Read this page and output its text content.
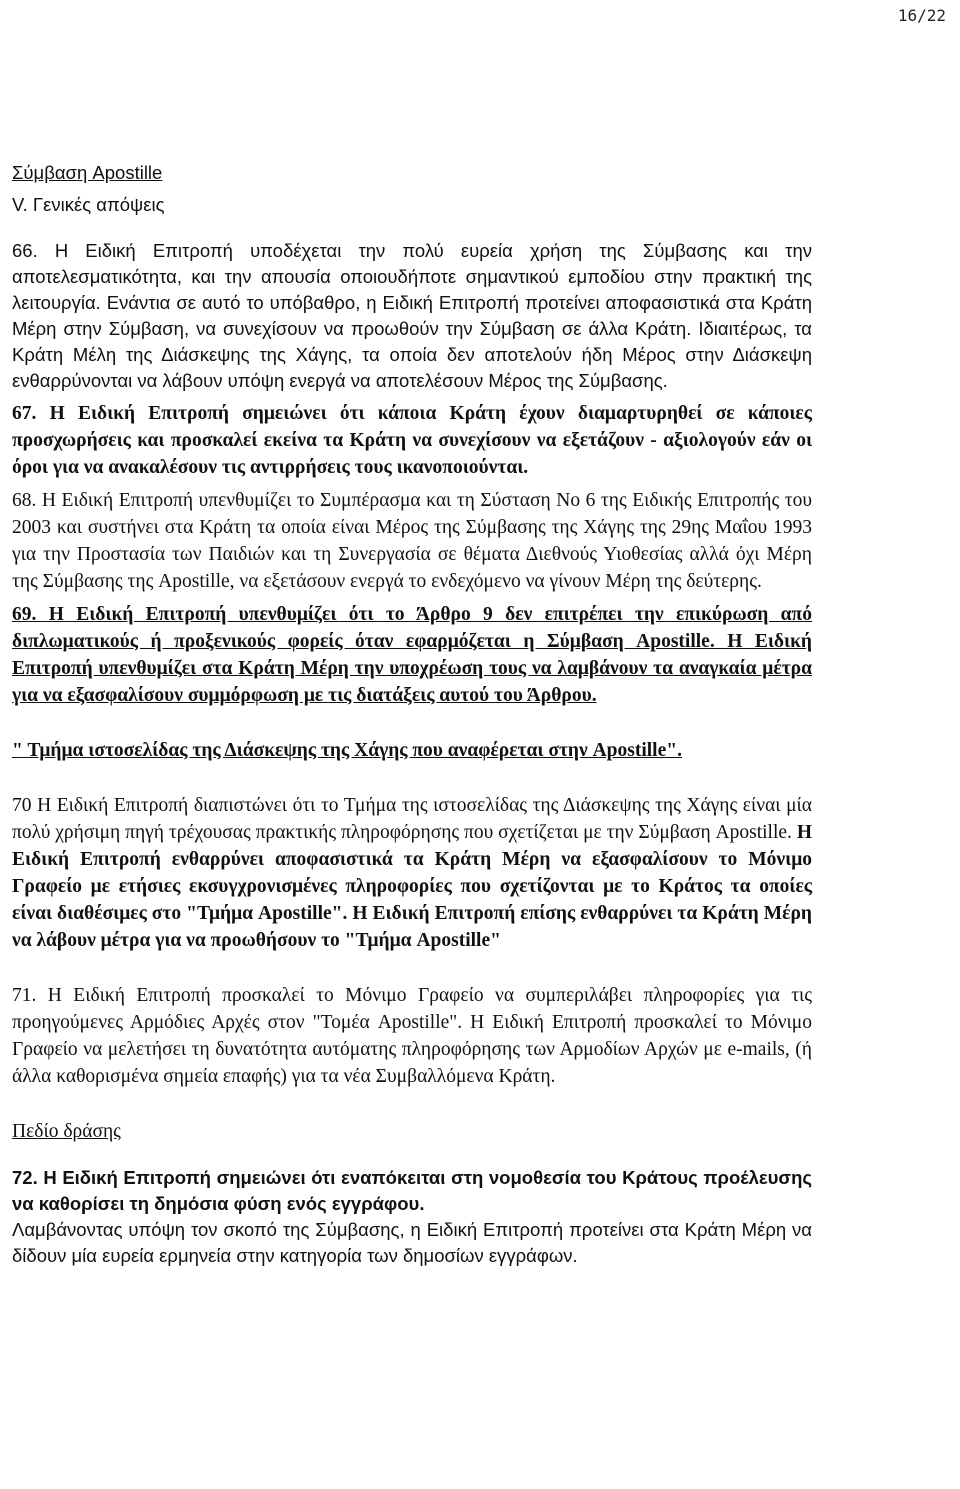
16/22

Σύμβαση Apostille

V. Γενικές απόψεις

66. Η Ειδική Επιτροπή υποδέχεται την πολύ ευρεία χρήση της Σύμβασης και την αποτελεσματικότητα, και την απουσία οποιουδήποτε σημαντικού εμποδίου στην πρακτική της λειτουργία. Ενάντια σε αυτό το υπόβαθρο, η Ειδική Επιτροπή προτείνει αποφασιστικά στα Κράτη Μέρη στην Σύμβαση, να συνεχίσουν να προωθούν την Σύμβαση σε άλλα Κράτη. Ιδιαιτέρως, τα Κράτη Μέλη της Διάσκεψης της Χάγης, τα οποία δεν αποτελούν ήδη Μέρος στην Διάσκεψη ενθαρρύνονται να λάβουν υπόψη ενεργά να αποτελέσουν Μέρος της Σύμβασης.

67. Η Ειδική Επιτροπή σημειώνει ότι κάποια Κράτη έχουν διαμαρτυρηθεί σε κάποιες προσχωρήσεις και προσκαλεί εκείνα τα Κράτη να συνεχίσουν να εξετάζουν - αξιολογούν εάν οι όροι για να ανακαλέσουν τις αντιρρήσεις τους ικανοποιούνται.

68. Η Ειδική Επιτροπή υπενθυμίζει το Συμπέρασμα και τη Σύσταση Νο 6 της Ειδικής Επιτροπής του 2003 και συστήνει στα Κράτη τα οποία είναι Μέρος της Σύμβασης της Χάγης της 29ης Μαΐου 1993 για την Προστασία των Παιδιών και τη Συνεργασία σε θέματα Διεθνούς Υιοθεσίας αλλά όχι Μέρη της Σύμβασης της Apostille, να εξετάσουν ενεργά το ενδεχόμενο να γίνουν Μέρη της δεύτερης.

69. Η Ειδική Επιτροπή υπενθυμίζει ότι το Άρθρο 9 δεν επιτρέπει την επικύρωση από διπλωματικούς ή προξενικούς φορείς όταν εφαρμόζεται η Σύμβαση Apostille. Η Ειδική Επιτροπή υπενθυμίζει στα Κράτη Μέρη την υποχρέωση τους να λαμβάνουν τα αναγκαία μέτρα για να εξασφαλίσουν συμμόρφωση με τις διατάξεις αυτού του Άρθρου.

" Τμήμα ιστοσελίδας της Διάσκεψης της Χάγης που αναφέρεται στην Apostille".

70 Η Ειδική Επιτροπή διαπιστώνει ότι το Τμήμα της ιστοσελίδας της Διάσκεψης της Χάγης είναι μία πολύ χρήσιμη πηγή τρέχουσας πρακτικής πληροφόρησης που σχετίζεται με την Σύμβαση Apostille. Η Ειδική Επιτροπή ενθαρρύνει αποφασιστικά τα Κράτη Μέρη να εξασφαλίσουν το Μόνιμο Γραφείο με ετήσιες εκσυγχρονισμένες πληροφορίες που σχετίζονται με το Κράτος τα οποίες είναι διαθέσιμες στο "Τμήμα Apostille". Η Ειδική Επιτροπή επίσης ενθαρρύνει τα Κράτη Μέρη να λάβουν μέτρα για να προωθήσουν το "Τμήμα Apostille"

71. Η Ειδική Επιτροπή προσκαλεί το Μόνιμο Γραφείο να συμπεριλάβει πληροφορίες για τις προηγούμενες Αρμόδιες Αρχές στον "Τομέα Apostille". Η Ειδική Επιτροπή προσκαλεί το Μόνιμο Γραφείο να μελετήσει τη δυνατότητα αυτόματης πληροφόρησης των Αρμοδίων Αρχών με e-mails, (ή άλλα καθορισμένα σημεία επαφής) για τα νέα Συμβαλλόμενα Κράτη.

Πεδίο δράσης

72. Η Ειδική Επιτροπή σημειώνει ότι εναπόκειται στη νομοθεσία του Κράτους προέλευσης να καθορίσει τη δημόσια φύση ενός εγγράφου.

Λαμβάνοντας υπόψη τον σκοπό της Σύμβασης, η Ειδική Επιτροπή προτείνει στα Κράτη Μέρη να δίδουν μία ευρεία ερμηνεία στην κατηγορία των δημοσίων εγγράφων.
